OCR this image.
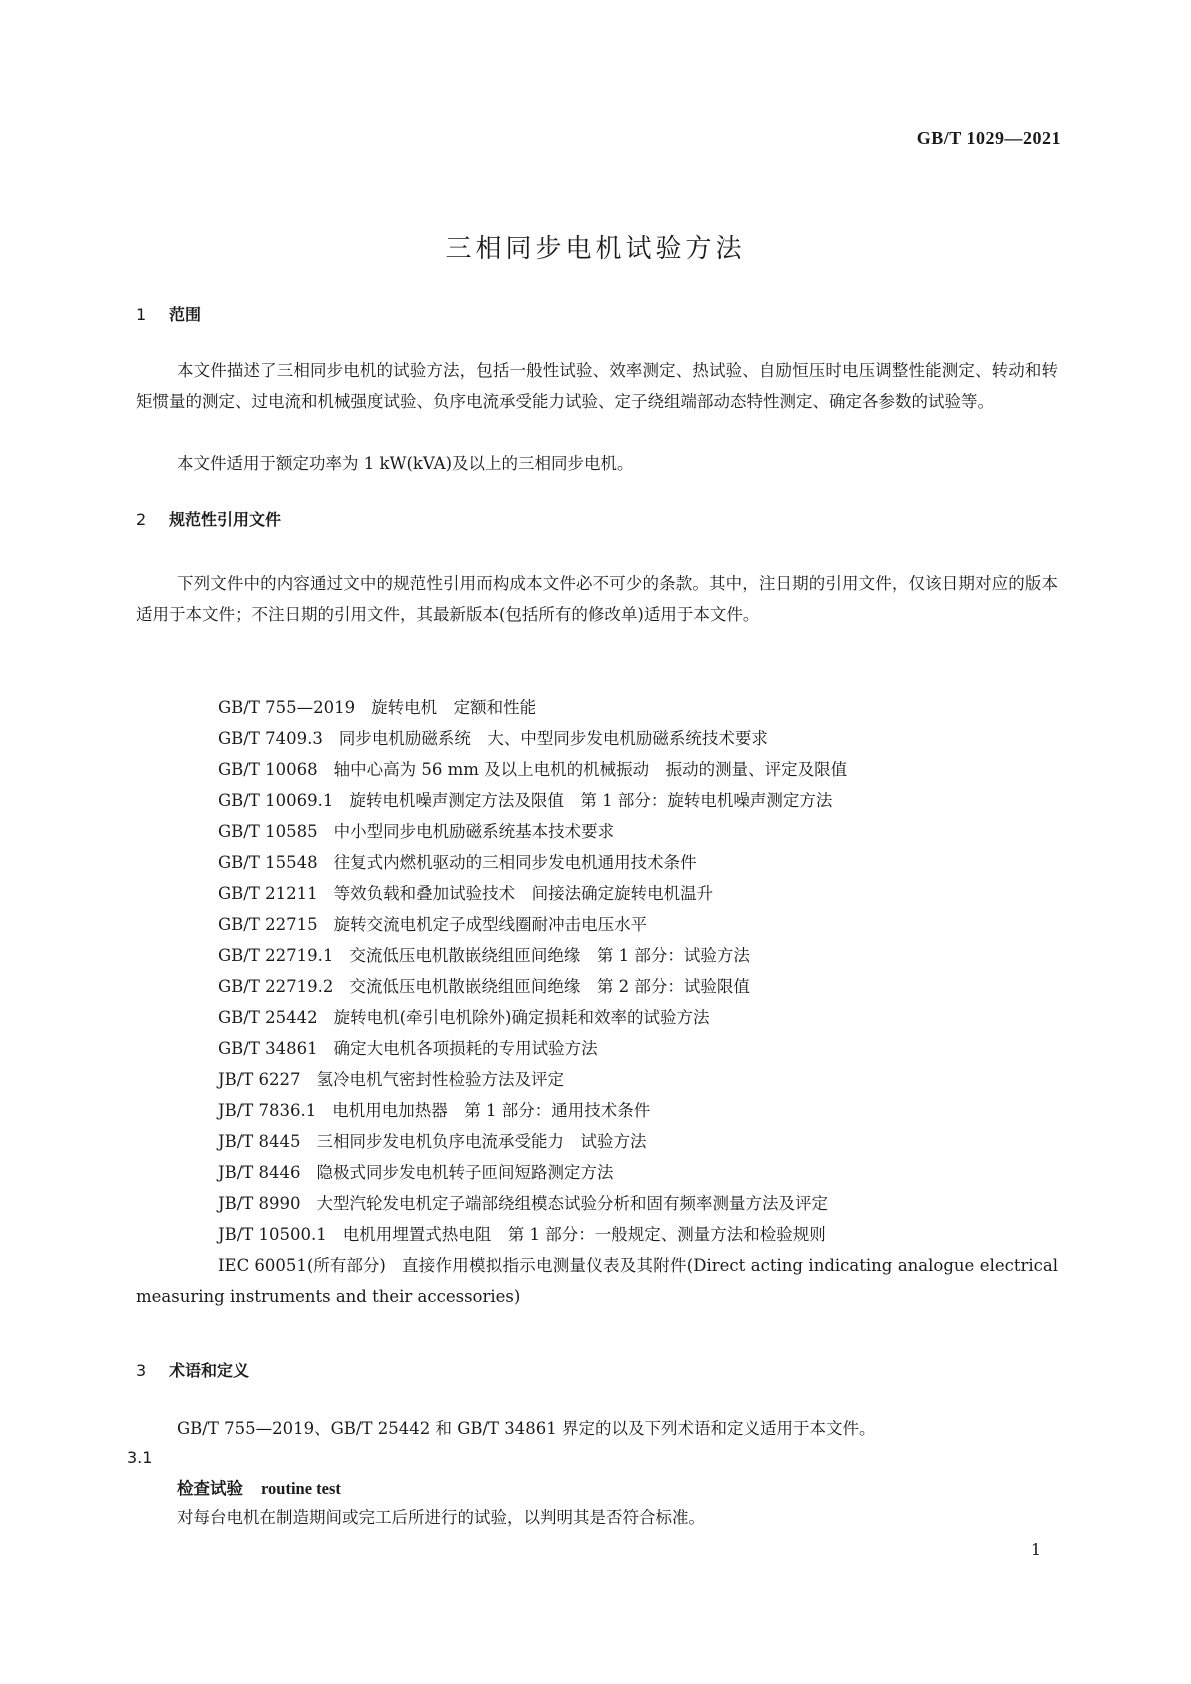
GB/T 1029—2021
三相同步电机试验方法
1 范围

本文件描述了三相同步电机的试验方法，包括一般性试验、效率测定、热试验、自励恒压时电压调整性能测定、转动和转矩惯量的测定、过电流和机械强度试验、负序电流承受能力试验、定子绕组端部动态特性测定、确定各参数的试验等。

本文件适用于额定功率为 1 kW(kVA)及以上的三相同步电机。

2 规范性引用文件

下列文件中的内容通过文中的规范性引用而构成本文件必不可少的条款。其中，注日期的引用文件，仅该日期对应的版本适用于本文件；不注日期的引用文件，其最新版本(包括所有的修改单)适用于本文件。

GB/T 755—2019 旋转电机　定额和性能
GB/T 7409.3 同步电机励磁系统　大、中型同步发电机励磁系统技术要求
GB/T 10068 轴中心高为 56 mm 及以上电机的机械振动　振动的测量、评定及限值
GB/T 10069.1 旋转电机噪声测定方法及限值　第 1 部分：旋转电机噪声测定方法
GB/T 10585 中小型同步电机励磁系统基本技术要求
GB/T 15548 往复式内燃机驱动的三相同步发电机通用技术条件
GB/T 21211 等效负载和叠加试验技术　间接法确定旋转电机温升
GB/T 22715 旋转交流电机定子成型线圈耐冲击电压水平
GB/T 22719.1 交流低压电机散嵌绕组匝间绝缘　第 1 部分：试验方法
GB/T 22719.2 交流低压电机散嵌绕组匝间绝缘　第 2 部分：试验限值
GB/T 25442 旋转电机(牵引电机除外)确定损耗和效率的试验方法
GB/T 34861 确定大电机各项损耗的专用试验方法
JB/T 6227 氢冷电机气密封性检验方法及评定
JB/T 7836.1 电机用电加热器　第 1 部分：通用技术条件
JB/T 8445 三相同步发电机负序电流承受能力　试验方法
JB/T 8446 隐极式同步发电机转子匝间短路测定方法
JB/T 8990 大型汽轮发电机定子端部绕组模态试验分析和固有频率测量方法及评定
JB/T 10500.1 电机用埋置式热电阻　第 1 部分：一般规定、测量方法和检验规则
IEC 60051(所有部分) 直接作用模拟指示电测量仪表及其附件(Direct acting indicating analogue electrical measuring instruments and their accessories)
3 术语和定义

GB/T 755—2019、GB/T 25442 和 GB/T 34861 界定的以及下列术语和定义适用于本文件。

3.1
检查试验 routine test

对每台电机在制造期间或完工后所进行的试验，以判明其是否符合标准。

1
